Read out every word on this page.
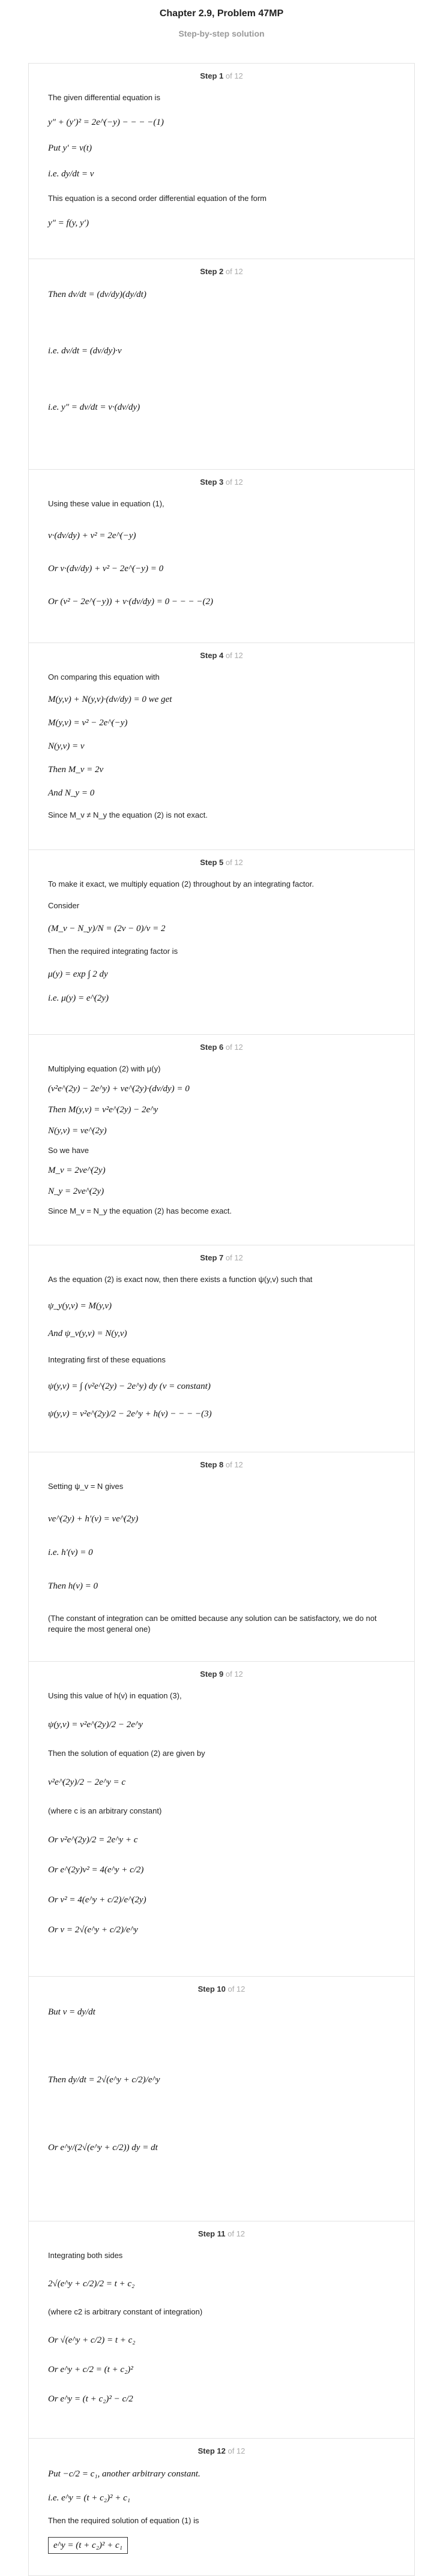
Chapter 2.9, Problem 47MP
Step-by-step solution
Step 1 of 12
The given differential equation is
y″ + (y′)² = 2e^(−y) − − − −(1)
Put y′ = v(t)
i.e. dy/dt = v
This equation is a second order differential equation of the form
y″ = f(y, y′)
Step 2 of 12
Then dv/dt = (dv/dy)(dy/dt)
i.e. dv/dt = (dv/dy)·v
i.e. y″ = dv/dt = v·(dv/dy)
Step 3 of 12
Using these value in equation (1),
v·(dv/dy) + v² = 2e^(−y)
Or v·(dv/dy) + v² − 2e^(−y) = 0
Or (v² − 2e^(−y)) + v·(dv/dy) = 0 − − − −(2)
Step 4 of 12
On comparing this equation with
M(y,v) + N(y,v)·(dv/dy) = 0 we get
M(y,v) = v² − 2e^(−y)
N(y,v) = v
Then M_v = 2v
And N_y = 0
Since M_v ≠ N_y the equation (2) is not exact.
Step 5 of 12
To make it exact, we multiply equation (2) throughout by an integrating factor.
Consider
(M_v − N_y)/N = (2v − 0)/v = 2
Then the required integrating factor is
μ(y) = exp ∫ 2 dy
i.e. μ(y) = e^(2y)
Step 6 of 12
Multiplying equation (2) with μ(y)
(v²e^(2y) − 2e^y) + ve^(2y)·(dv/dy) = 0
Then M(y,v) = v²e^(2y) − 2e^y
N(y,v) = ve^(2y)
So we have
M_v = 2ve^(2y)
N_y = 2ve^(2y)
Since M_v = N_y the equation (2) has become exact.
Step 7 of 12
As the equation (2) is exact now, then there exists a function ψ(y,v) such that
ψ_y(y,v) = M(y,v)
And ψ_v(y,v) = N(y,v)
Integrating first of these equations
ψ(y,v) = ∫ (v²e^(2y) − 2e^y) dy (v = constant)
ψ(y,v) = v²e^(2y)/2 − 2e^y + h(v) − − − −(3)
Step 8 of 12
Setting ψ_v = N gives
ve^(2y) + h′(v) = ve^(2y)
i.e. h′(v) = 0
Then h(v) = 0
(The constant of integration can be omitted because any solution can be satisfactory, we do not require the most general one)
Step 9 of 12
Using this value of h(v) in equation (3),
ψ(y,v) = v²e^(2y)/2 − 2e^y
Then the solution of equation (2) are given by
v²e^(2y)/2 − 2e^y = c
(where c is an arbitrary constant)
Or v²e^(2y)/2 = 2e^y + c
Or e^(2y)v² = 4(e^y + c/2)
Or v² = 4(e^y + c/2)/e^(2y)
Or v = 2√(e^y + c/2)/e^y
Step 10 of 12
But v = dy/dt
Then dy/dt = 2√(e^y + c/2)/e^y
Or e^y/(2√(e^y + c/2)) dy = dt
Step 11 of 12
Integrating both sides
2√(e^y + c/2)/2 = t + c₂
(where c2 is arbitrary constant of integration)
Or √(e^y + c/2) = t + c₂
Or e^y + c/2 = (t + c₂)²
Or e^y = (t + c₂)² − c/2
Step 12 of 12
Put −c/2 = c₁, another arbitrary constant.
i.e. e^y = (t + c₂)² + c₁
Then the required solution of equation (1) is
e^y = (t + c₂)² + c₁
